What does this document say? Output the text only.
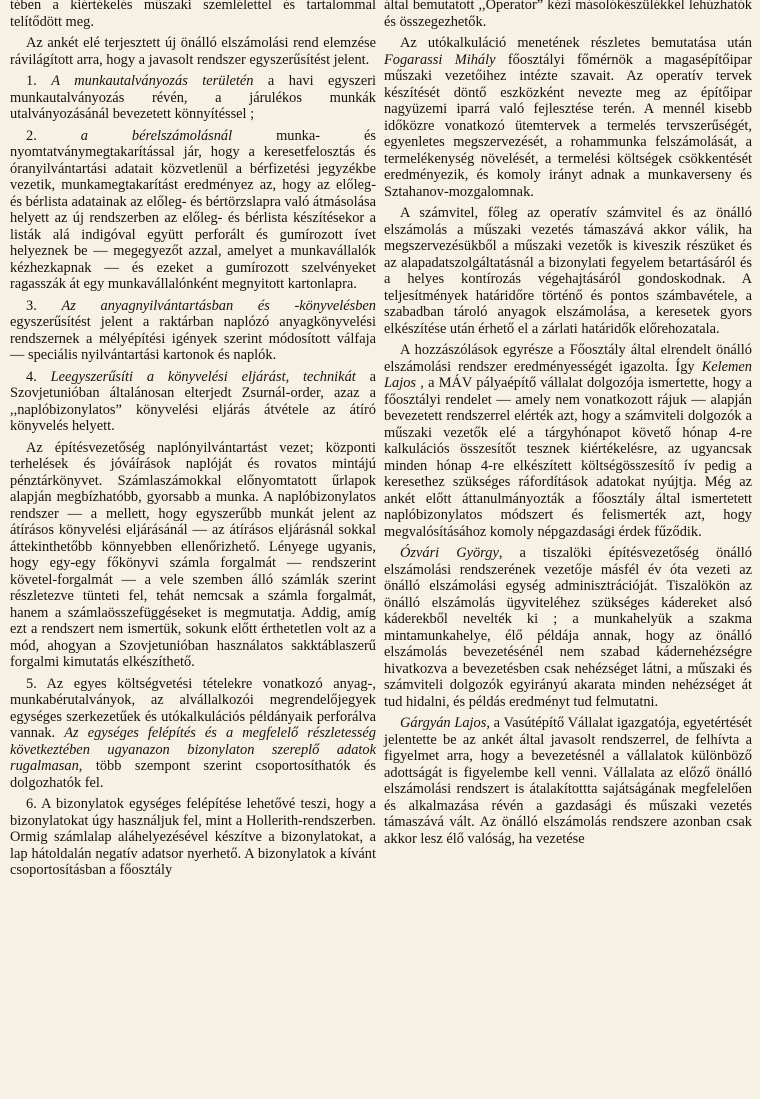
tében a kiértékelés műszaki szemlélettel és tartalommal telítődött meg.

Az ankét elé terjesztett új önálló elszámolási rend elemzése rávilágított arra, hogy a javasolt rendszer egyszerűsítést jelent.

1. A munkautalványozás területén a havi egyszeri munkautalványozás révén, a járulékos munkák utalványozásánál bevezetett könnyítéssel ;

2. a bérelszámolásnál munka- és nyomtatványmegtakarítással jár, hogy a keresetfelosztás és óranyilvántartási adatait közvetlenül a bérfizetési jegyzékbe vezetik, munkamegtakarítást eredményez az, hogy az előleg- és bérlista adatainak az előleg- és bértörzslapra való átmásolása helyett az új rendszerben az előleg- és bérlista készítésekor a listák alá indigóval együtt perforált és gumírozott ívet helyeznek be — megegyezőt azzal, amelyet a munkavállalók kézhezkapnak — és ezeket a gumírozott szelvényeket ragasszák át egy munkavállalónként megnyitott kartonlapra.

3. Az anyagnyilvántartásban és -könyvelésben egyszerűsítést jelent a raktárban naplózó anyagkönyvelési rendszernek a mélyépítési igények szerint módosított válfaja — speciális nyilvántartási kartonok és naplók.

4. Leegyszerűsíti a könyvelési eljárást, technikát a Szovjetunióban általánosan elterjedt Zsurnál-order, azaz a ,,naplóbizonylatos” könyvelési eljárás átvétele az átíró könyvelés helyett.

Az építésvezetőség naplónyilvántartást vezet; központi terhelések és jóváírások naplóját és rovatos mintájú pénztárkönyvet. Számlaszámokkal előnyomtatott űrlapok alapján megbízhatóbb, gyorsabb a munka. A naplóbizonylatos rendszer — a mellett, hogy egyszerűbb munkát jelent az átírásos könyvelési eljárásánál — az átírásos eljárásnál sokkal áttekinthetőbb könnyebben ellenőrizhető. Lényege ugyanis, hogy egy-egy főkönyvi számla forgalmát — rendszerint követel-forgalmát — a vele szemben álló számlák szerint részletezve tünteti fel, tehát nemcsak a számla forgalmát, hanem a számlaösszefüggéseket is megmutatja. Addig, amíg ezt a rendszert nem ismertük, sokunk előtt érthetetlen volt az a mód, ahogyan a Szovjetunióban használatos sakktáblaszerű forgalmi kimutatás elkészíthető.

5. Az egyes költségvetési tételekre vonatkozó anyag-, munkabérutalványok, az alvállalkozói megrendelőjegyek egységes szerkezetűek és utókalkulációs példányaik perforálva vannak. Az egységes felépítés és a megfelelő részletesség következtében ugyanazon bizonylaton szereplő adatok rugalmasan, több szempont szerint csoportosíthatók és dolgozhatók fel.

6. A bizonylatok egységes felépítése lehetővé teszi, hogy a bizonylatokat úgy használjuk fel, mint a Hollerith-rendszerben. Ormig számlalap aláhelyezésével készítve a bizonylatokat, a lap hátoldalán negatív adatsor nyerhető. A bizonylatok a kívánt csoportosításban a főosztály

által bemutatott ,,Operator” kézi másolókészülékkel lehúzhatók és összegezhetők.

Az utókalkuláció menetének részletes bemutatása után Fogarassi Mihály főosztályi főmérnök a magasépítőipar műszaki vezetőihez intézte szavait. Az operatív tervek készítését döntő eszközként nevezte meg az építőipar nagyüzemi iparrá való fejlesztése terén. A mennél kisebb időközre vonatkozó ütemtervek a termelés tervszerűségét, egyenletes megszervezését, a rohammunka felszámolását, a termelékenység növelését, a termelési költségek csökkentését eredményezik, és komoly irányt adnak a munkaverseny és Sztahanov-mozgalomnak.

A számvitel, főleg az operatív számvitel és az önálló elszámolás a műszaki vezetés támaszává akkor válik, ha megszervezésükből a műszaki vezetők is kiveszik részüket és az alapadatszolgáltatásnál a bizonylati fegyelem betartásáról és a helyes kontírozás végehajtásáról gondoskodnak. A teljesítmények határidőre történő és pontos számbavétele, a szabadban tároló anyagok elszámolása, a keresetek gyors elkészítése után érhető el a zárlati határidők előrehozatala.

A hozzászólások egyrésze a Főosztály által elrendelt önálló elszámolási rendszer eredményességét igazolta. Így Kelemen Lajos , a MÁV pályaépítő vállalat dolgozója ismertette, hogy a főosztályi rendelet — amely nem vonatkozott rájuk — alapján bevezetett rendszerrel elérték azt, hogy a számviteli dolgozók a műszaki vezetők elé a tárgyhónapot követő hónap 4-re kalkulációs összesítőt tesznek kiértékelésre, az ugyancsak minden hónap 4-re elkészített költségösszesítő ív pedig a keresethez szükséges ráfordítások adatokat nyújtja. Még az ankét előtt áttanulmányozták a főosztály által ismertetett naplóbizonylatos módszert és felismerték azt, hogy megvalósításához komoly népgazdasági érdek fűződik.

Ózvári György, a tiszalöki építésvezetőség önálló elszámolási rendszerének vezetője másfél év óta vezeti az önálló elszámolási egység adminisztrációját. Tiszalökön az önálló elszámolás ügyviteléhez szükséges kádereket alsó káderekből nevelték ki ; a munkahelyük a szakma mintamunkahelye, élő példája annak, hogy az önálló elszámolás bevezetésénél nem szabad kádernehézségre hivatkozva a bevezetésben csak nehézséget látni, a műszaki és számviteli dolgozók egyirányú akarata minden nehézséget át tud hidalni, és példás eredményt tud felmutatni.

Gárgyán Lajos, a Vasútépítő Vállalat igazgatója, egyetértését jelentette be az ankét által javasolt rendszerrel, de felhívta a figyelmet arra, hogy a bevezetésnél a vállalatok különböző adottságát is figyelembe kell venni. Vállalata az előző önálló elszámolási rendszert is átalakítottta sajátságának megfelelően és alkalmazása révén a gazdasági és műszaki vezetés támaszává vált. Az önálló elszámolás rendszere azonban csak akkor lesz élő valóság, ha vezetése
